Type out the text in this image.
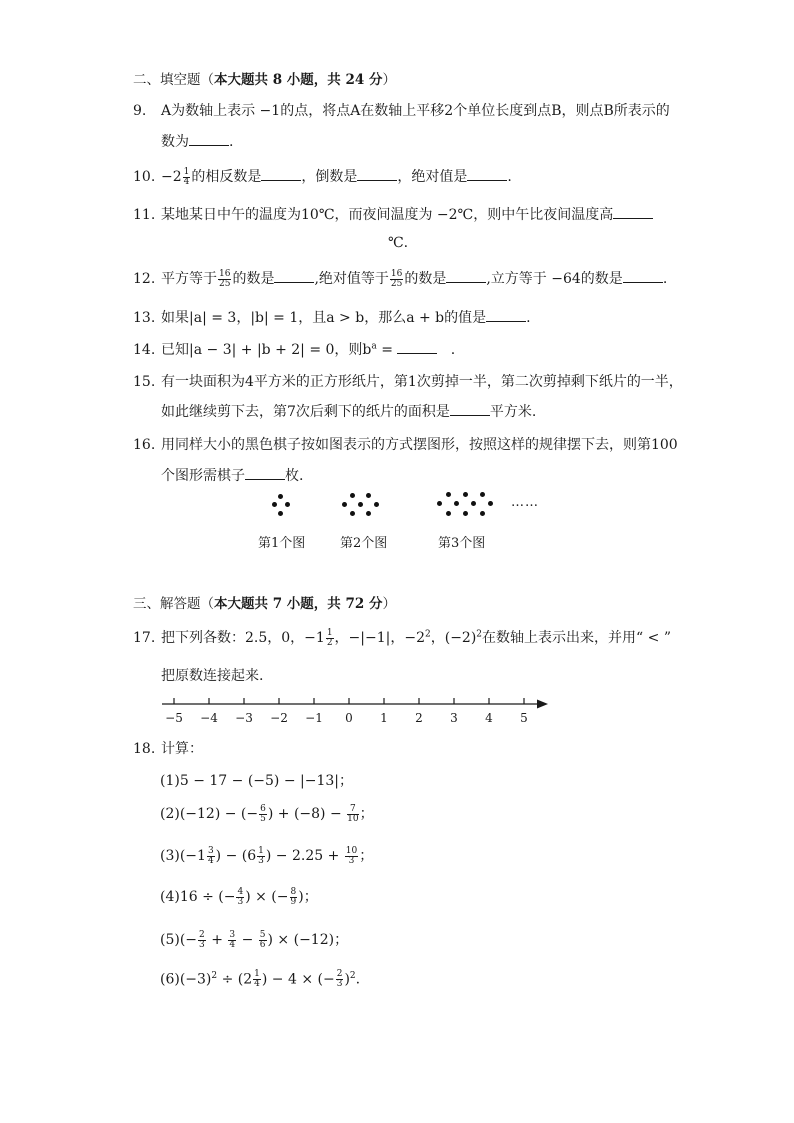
二、填空题（本大题共 8 小题，共 24 分）
9. A为数轴上表示 −1的点，将点A在数轴上平移2个单位长度到点B，则点B所表示的
数为	.
10. $-2 \frac{1}{4}$ 的相反数是	，倒数是	，绝对值是	.
11. 某地某日中午的温度为10℃，而夜间温度为 −2℃，则中午比夜间温度高
℃.
12. 平方等于 $\frac{16}{25}$ 的数是	,绝对值等于 $\frac{16}{25}$ 的数是	,立方等于 −64的数是	.
13. 如果|a| = 3，|b| = 1，且a > b，那么a + b的值是	.
14. 已知|a − 3| + |b + 2| = 0，则$b^a$ =	.
15. 有一块面积为4平方米的正方形纸片，第1次剪掉一半，第二次剪掉剩下纸片的一半，
如此继续剪下去，第7次后剩下的纸片的面积是	平方米.
16. 用同样大小的黑色棋子按如图表示的方式摆图形，按照这样的规律摆下去，则第100
个图形需棋子	枚.
……
第1个图	第2个图	第3个图
三、解答题（本大题共 7 小题，共 72 分）
17. 把下列各数：2.5，0，$-1 \frac{1}{2}$ ，−|−1|，$-2^2$，$(-2)^2$在数轴上表示出来，并用“ < ”
把原数连接起来.
−5 −4 −3 −2 −1	0	1	2	3	4	5
18. 计算：
(1)5 − 17 − (−5) − |−13|；
(2)(−12) − (− $\frac{6}{5}$ ) + $(-8) - \frac{7}{10}$ ；
$(3)(-1 \frac{3}{4}$ ) − ($6 \frac{1}{3}$ ) − $2.25 + \frac{10}{3}$ ；
(4)16 ÷ (− $\frac{4}{3}$ ) × (− $\frac{8}{9}$ )；
$(5)(- \frac{2}{3} + \frac{3}{4} - \frac{5}{6}$ ) × (−12)；
$(6)(-3)^2 \div (2 \frac{1}{4}$ ) − 4 × (− $\frac{2}{3} )^2$.
